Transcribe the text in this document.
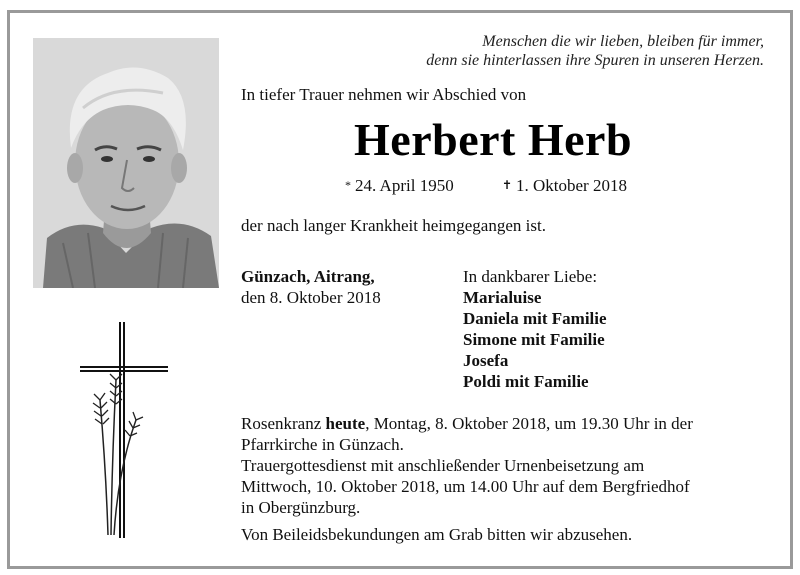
Menschen die wir lieben, bleiben für immer,
denn sie hinterlassen ihre Spuren in unseren Herzen.
In tiefer Trauer nehmen wir Abschied von
Herbert Herb
* 24. April 1950	✝ 1. Oktober 2018
der nach langer Krankheit heimgegangen ist.
Günzach, Aitrang,
den 8. Oktober 2018
In dankbarer Liebe:
Marialuise
Daniela mit Familie
Simone mit Familie
Josefa
Poldi mit Familie

Rosenkranz heute, Montag, 8. Oktober 2018, um 19.30 Uhr in der

Pfarrkirche in Günzach.

Trauergottesdienst mit anschließender Urnenbeisetzung am

Mittwoch, 10. Oktober 2018, um 14.00 Uhr auf dem Bergfriedhof

in Obergünzburg.

Von Beileidsbekundungen am Grab bitten wir abzusehen.
